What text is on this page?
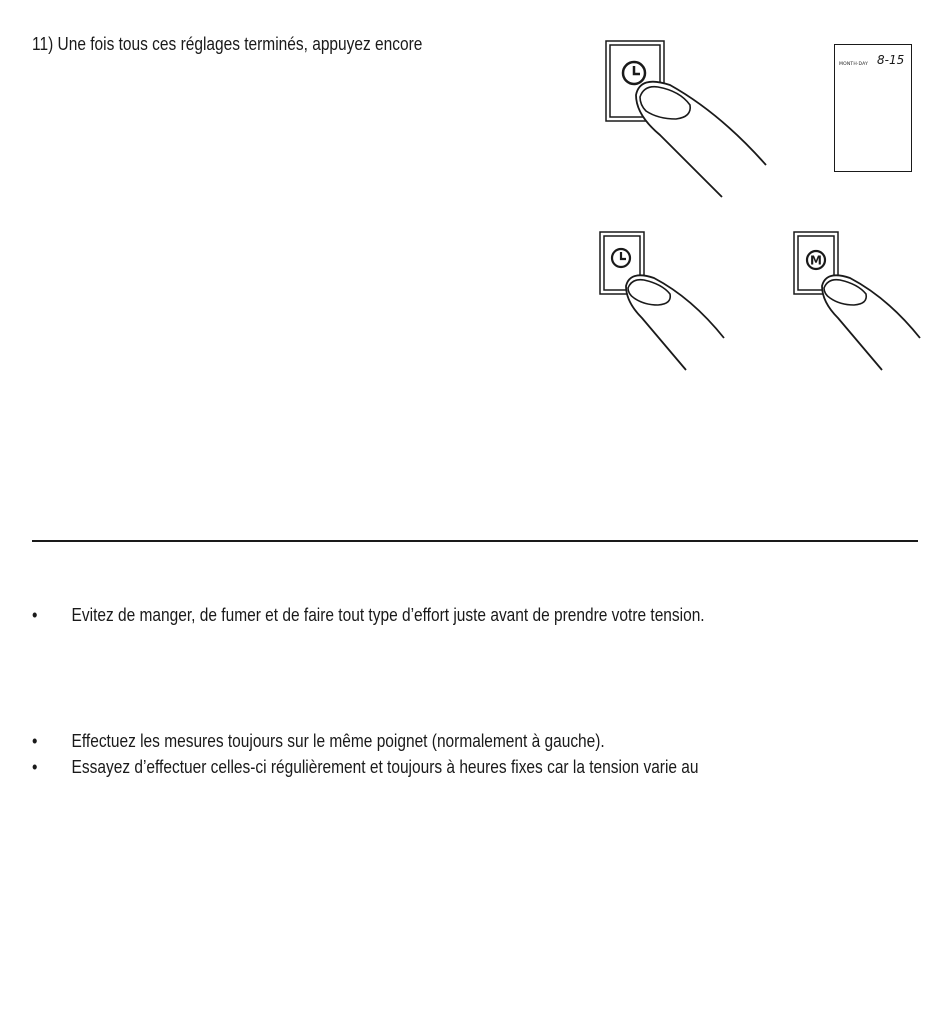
11) Une fois tous ces réglages terminés, appuyez encore
MONTH·DAY 8-15
M
• Evitez de manger, de fumer et de faire tout type d’effort juste avant de prendre votre tension.
• Effectuez les mesures toujours sur le même poignet (normalement à gauche).
• Essayez d’effectuer celles-ci régulièrement et toujours à heures fixes car la tension varie au
